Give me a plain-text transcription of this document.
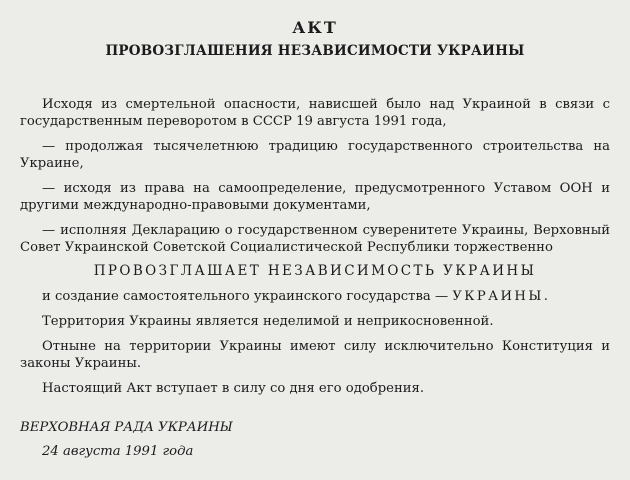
АКТ
ПРОВОЗГЛАШЕНИЯ НЕЗАВИСИМОСТИ УКРАИНЫ

Исходя из смертельной опасности, нависшей было над Украиной в связи с государственным переворотом в СССР 19 августа 1991 года,

— продолжая тысячелетнюю традицию государственного строительства на Украине,

— исходя из права на самоопределение, предусмотренного Уставом ООН и другими международно-правовыми документами,

— исполняя Декларацию о государственном суверенитете Украины, Верховный Совет Украинской Советской Социалистической Республики торжественно

ПРОВОЗГЛАШАЕТ НЕЗАВИСИМОСТЬ УКРАИНЫ

и создание самостоятельного украинского государства — УКРАИНЫ.

Территория Украины является неделимой и неприкосновенной.

Отныне на территории Украины имеют силу исключительно Конституция и законы Украины.

Настоящий Акт вступает в силу со дня его одобрения.

ВЕРХОВНАЯ РАДА УКРАИНЫ
24 августа 1991 года
